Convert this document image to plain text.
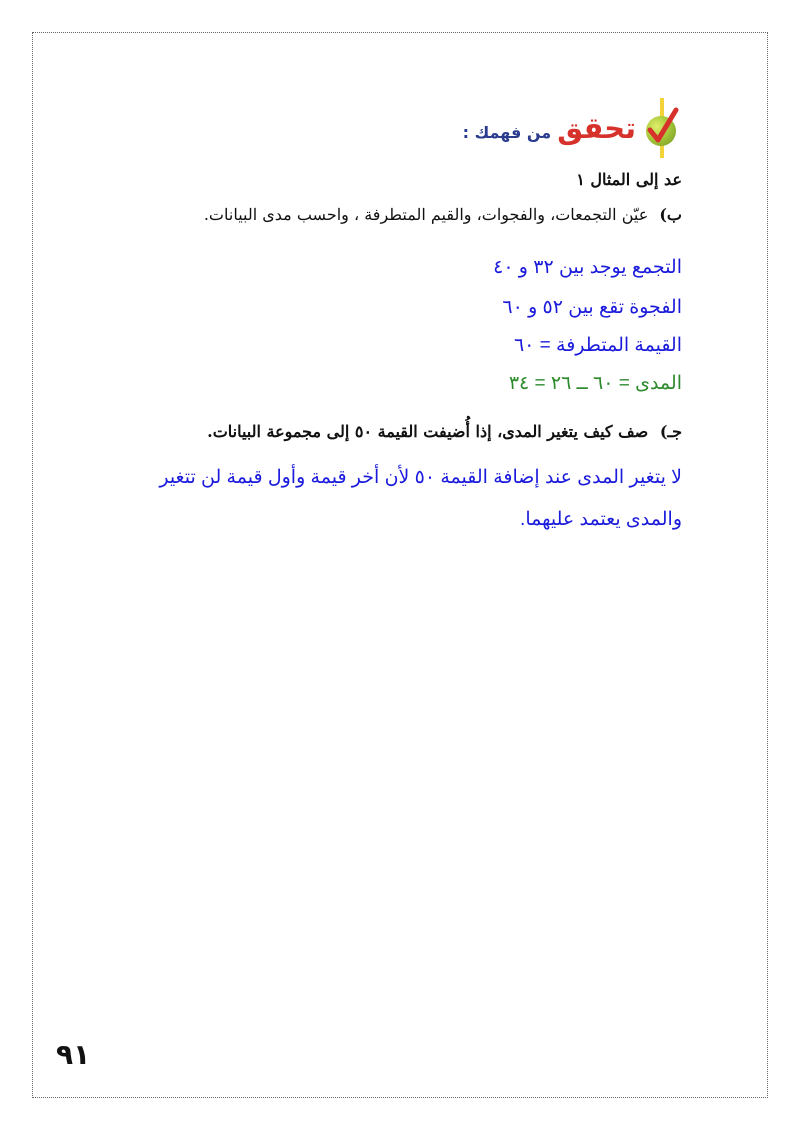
تحقق
من فهمك :
عد إلى المثال ١
ب) عيّن التجمعات، والفجوات، والقيم المتطرفة ، واحسب مدى البيانات.
التجمع يوجد بين ٣٢ و ٤٠
الفجوة تقع بين ٥٢ و ٦٠
القيمة المتطرفة = ٦٠
المدى = ٦٠ ــ ٢٦ = ٣٤
جـ) صف كيف يتغير المدى، إذا أُضيفت القيمة ٥٠ إلى مجموعة البيانات.
لا يتغير المدى عند إضافة القيمة ٥٠ لأن أخر قيمة وأول قيمة لن تتغير
والمدى يعتمد عليهما.
٩١
